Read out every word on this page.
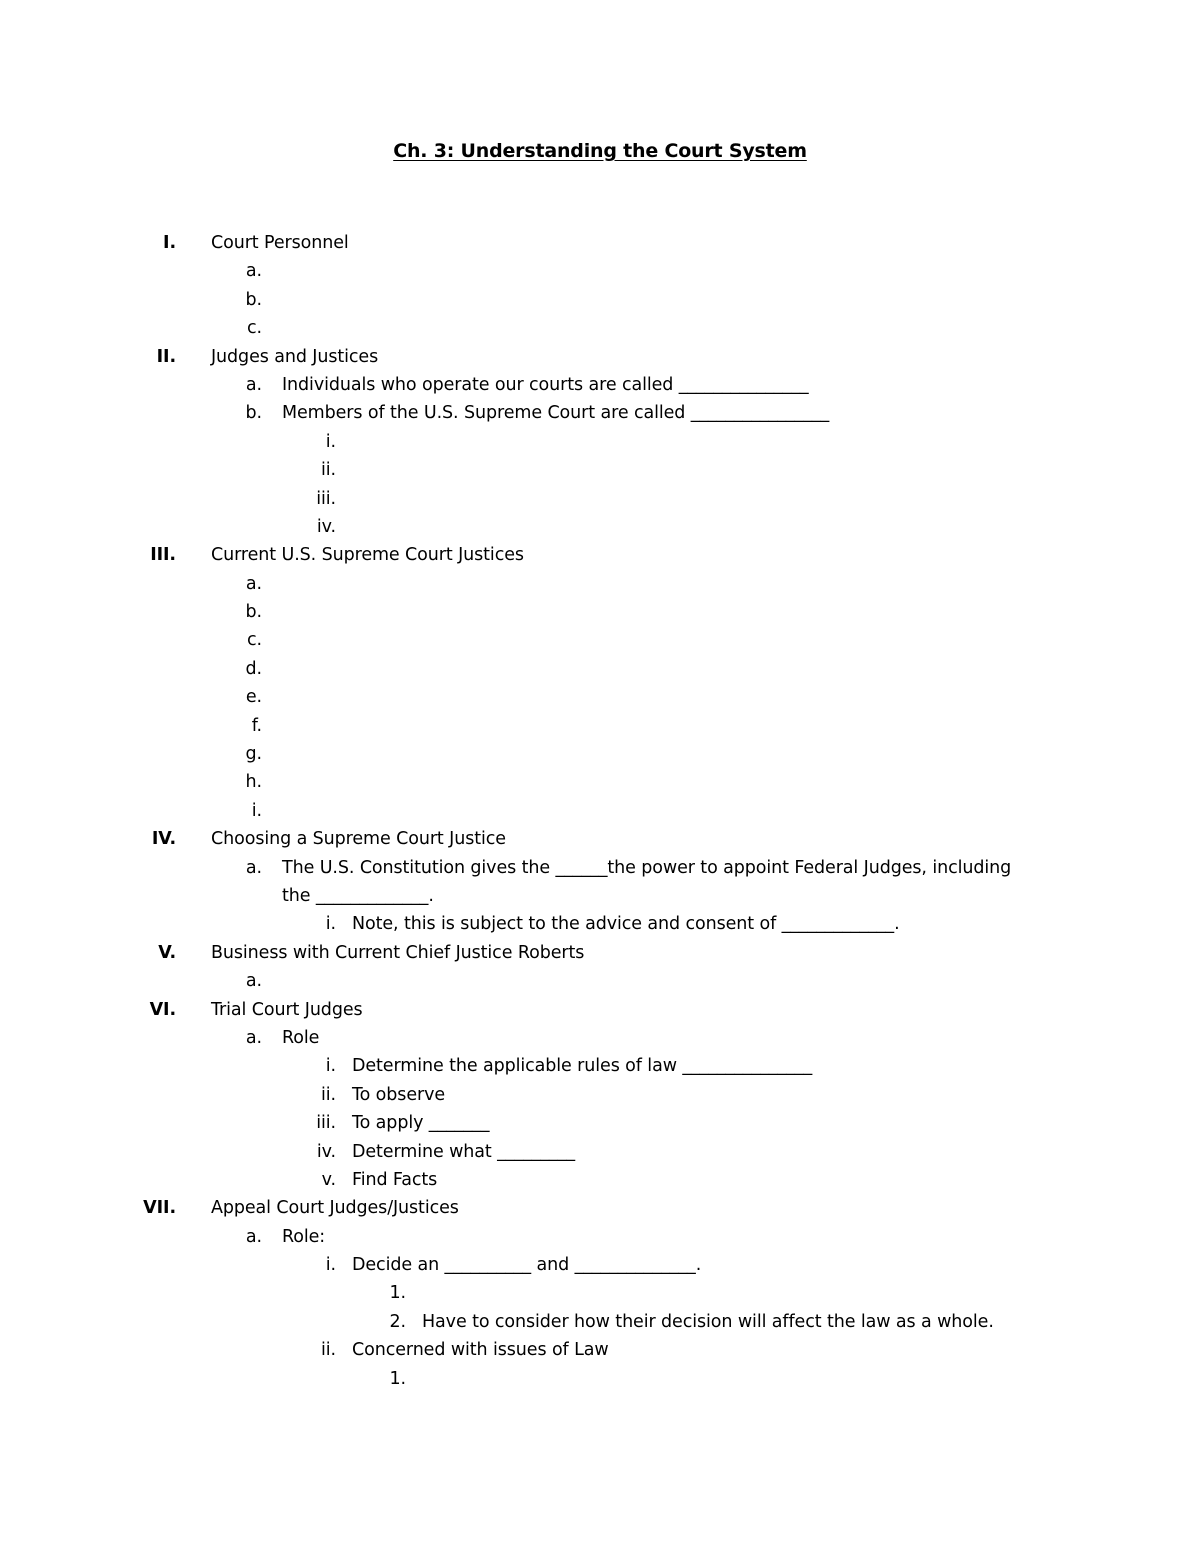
Ch. 3: Understanding the Court System
I. Court Personnel
a.
b.
c.
II. Judges and Justices
a. Individuals who operate our courts are called _______________
b. Members of the U.S. Supreme Court are called ________________
i.
ii.
iii.
iv.
III. Current U.S. Supreme Court Justices
a.
b.
c.
d.
e.
f.
g.
h.
i.
IV. Choosing a Supreme Court Justice
a. The U.S. Constitution gives the ______the power to appoint Federal Judges, including
the _____________.
i. Note, this is subject to the advice and consent of _____________.
V. Business with Current Chief Justice Roberts
a.
VI. Trial Court Judges
a. Role
i. Determine the applicable rules of law _______________
ii. To observe
iii. To apply _______
iv. Determine what _________
v. Find Facts
VII. Appeal Court Judges/Justices
a. Role:
i. Decide an __________ and ______________.
1.
2. Have to consider how their decision will affect the law as a whole.
ii. Concerned with issues of Law
1.
